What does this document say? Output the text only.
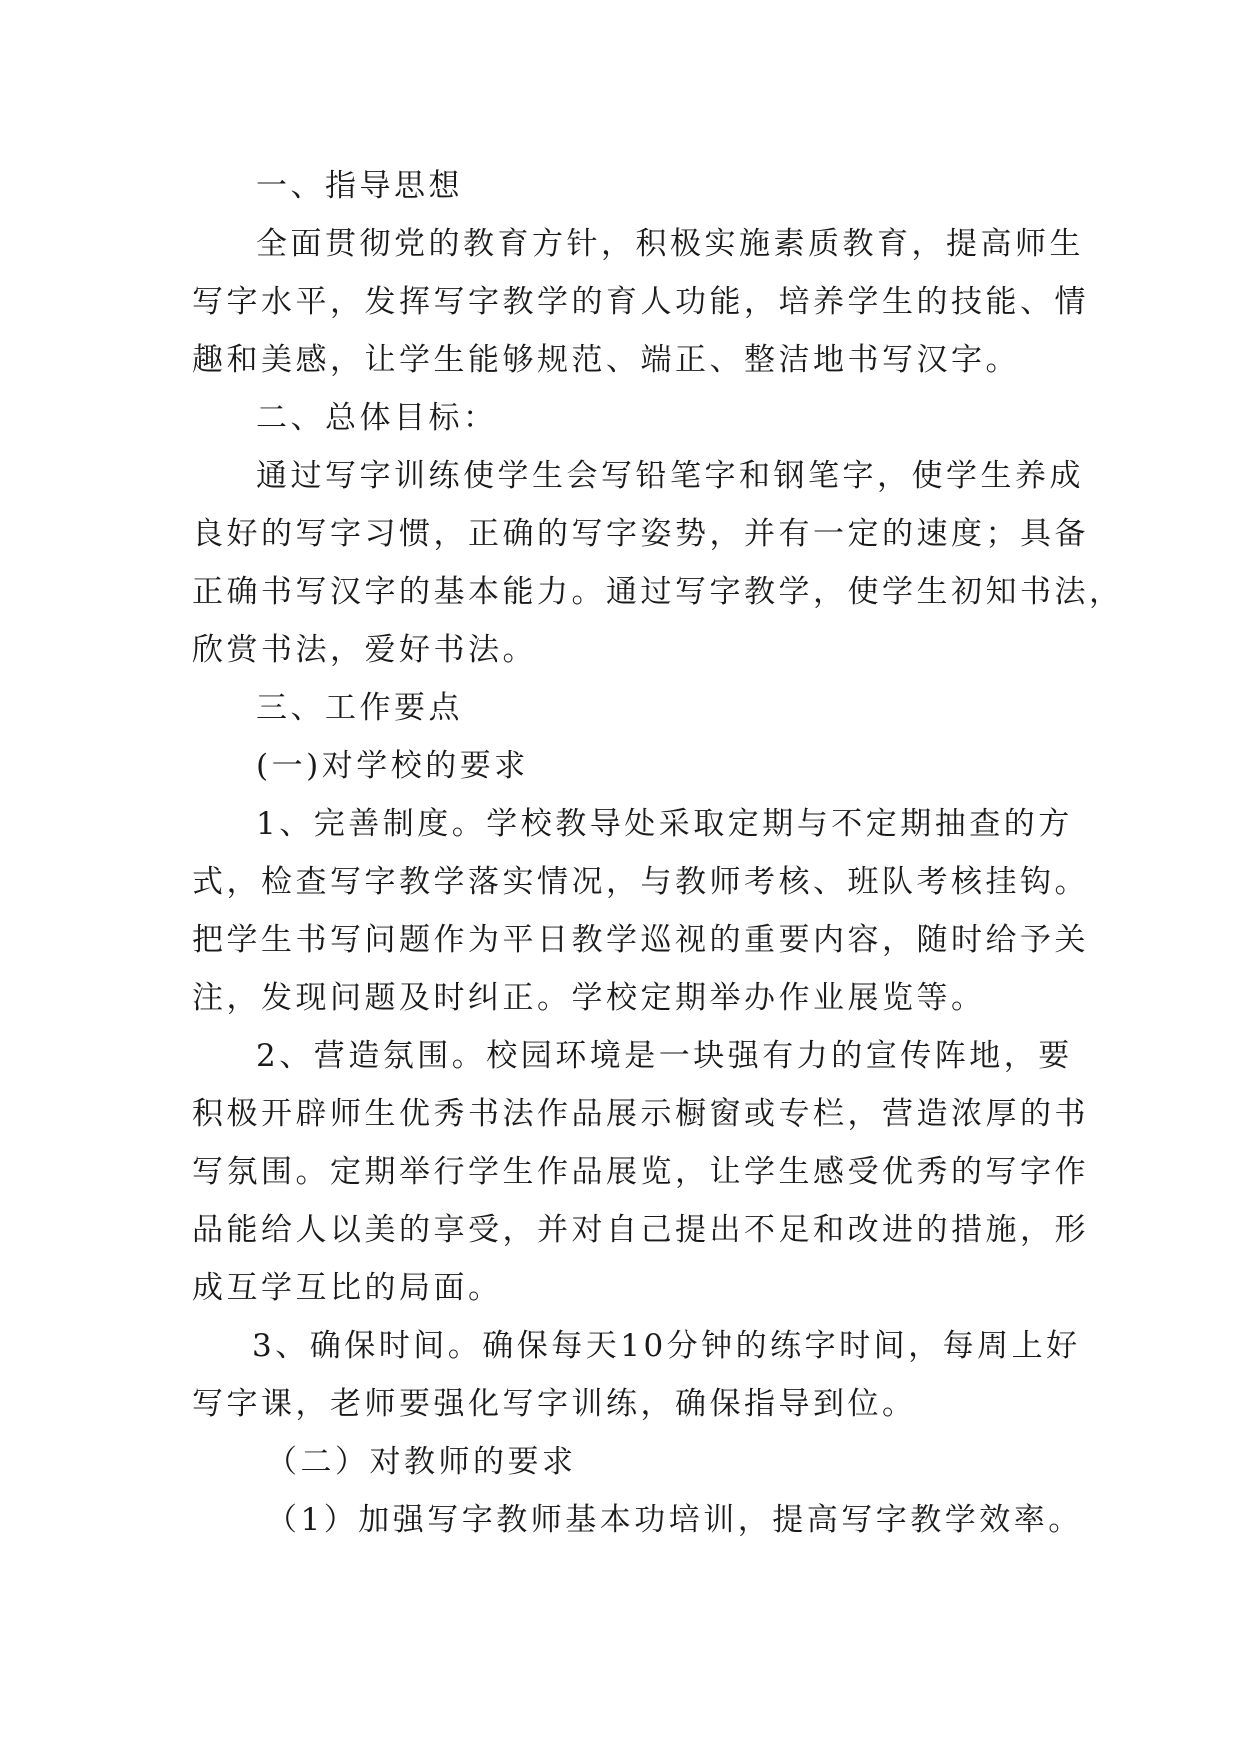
一、指导思想
全面贯彻党的教育方针，积极实施素质教育，提高师生
写字水平，发挥写字教学的育人功能，培养学生的技能、情
趣和美感，让学生能够规范、端正、整洁地书写汉字。
二、总体目标：
通过写字训练使学生会写铅笔字和钢笔字，使学生养成
良好的写字习惯，正确的写字姿势，并有一定的速度；具备
正确书写汉字的基本能力。通过写字教学，使学生初知书法，
欣赏书法，爱好书法。
三、工作要点
(一)对学校的要求
1、完善制度。学校教导处采取定期与不定期抽查的方
式，检查写字教学落实情况，与教师考核、班队考核挂钩。
把学生书写问题作为平日教学巡视的重要内容，随时给予关
注，发现问题及时纠正。学校定期举办作业展览等。
2、营造氛围。校园环境是一块强有力的宣传阵地，要
积极开辟师生优秀书法作品展示橱窗或专栏，营造浓厚的书
写氛围。定期举行学生作品展览，让学生感受优秀的写字作
品能给人以美的享受，并对自己提出不足和改进的措施，形
成互学互比的局面。
3、确保时间。确保每天10分钟的练字时间，每周上好
写字课，老师要强化写字训练，确保指导到位。
（二）对教师的要求
（1）加强写字教师基本功培训，提高写字教学效率。
